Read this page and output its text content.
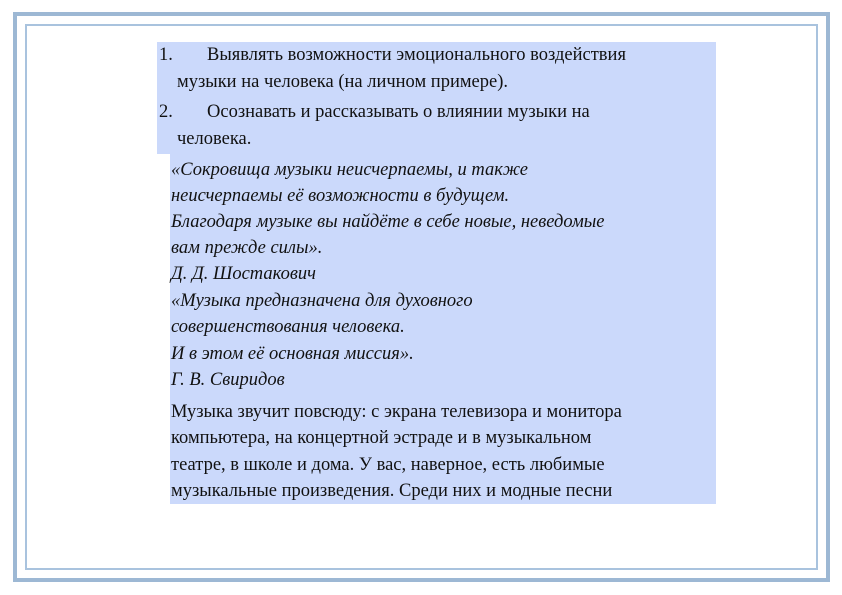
1. Выявлять возможности эмоционального воздействия
музыки на человека (на личном примере).
2. Осознавать и рассказывать о влиянии музыки на
человека.
«Сокровища музыки неисчерпаемы, и также
неисчерпаемы её возможности в будущем.
Благодаря музыке вы найдёте в себе новые, неведомые
вам прежде силы».
Д. Д. Шостакович
«Музыка предназначена для духовного
совершенствования человека.
И в этом её основная миссия».
Г. В. Свиридов
Музыка звучит повсюду: с экрана телевизора и монитора
компьютера, на концертной эстраде и в музыкальном
театре, в школе и дома. У вас, наверное, есть любимые
музыкальные произведения. Среди них и модные песни
